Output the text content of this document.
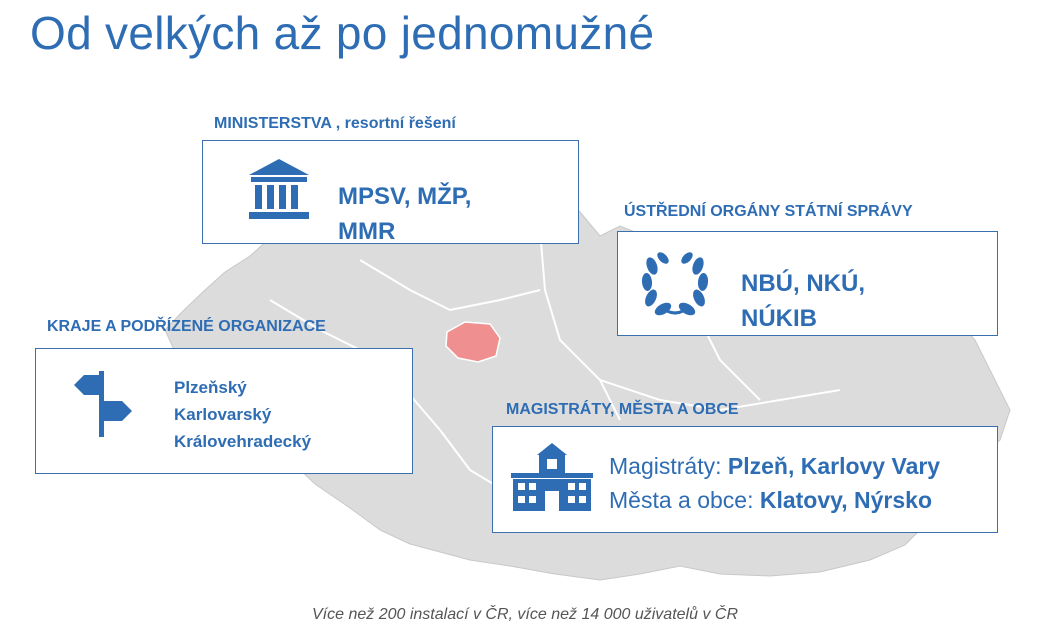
Od velkých až po jednomužné
MINISTERSTVA , resortní řešení
MPSV, MŽP,
MMR
ÚSTŘEDNÍ ORGÁNY STÁTNÍ SPRÁVY
NBÚ, NKÚ,
NÚKIB
KRAJE A PODŘÍZENÉ ORGANIZACE
Plzeňský
Karlovarský
Královehradecký
MAGISTRÁTY, MĚSTA A OBCE
Magistráty: Plzeň, Karlovy Vary
Města a obce: Klatovy, Nýrsko
Více než 200 instalací v ČR, více než 14 000 uživatelů v ČR
